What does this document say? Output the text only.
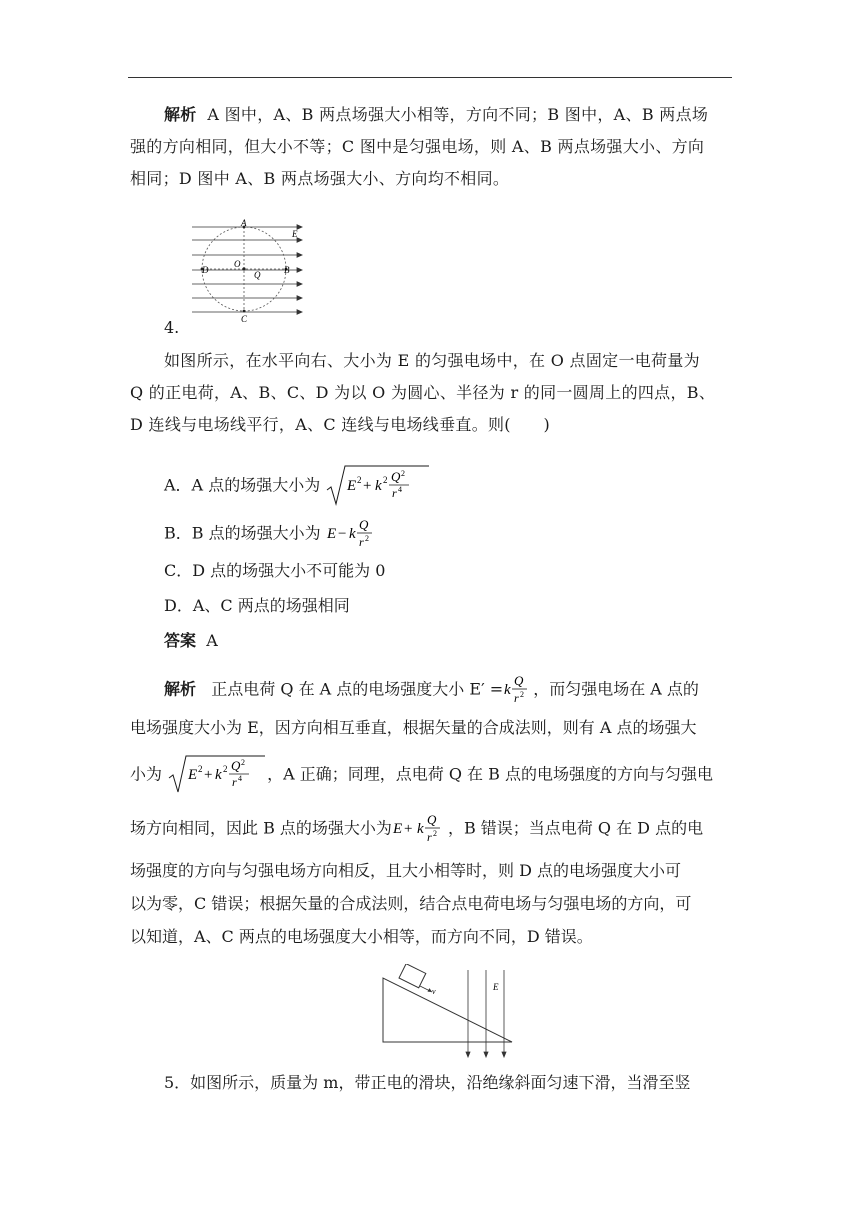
解析 A 图中，A、B 两点场强大小相等，方向不同；B 图中，A、B 两点场
强的方向相同，但大小不等；C 图中是匀强电场，则 A、B 两点场强大小、方向
相同；D 图中 A、B 两点场强大小、方向均不相同。
A
E
O
D	B
Q
C
4.
如图所示，在水平向右、大小为 E 的匀强电场中，在 O 点固定一电荷量为
Q 的正电荷，A、B、C、D 为以 O 为圆心、半径为 r 的同一圆周上的四点，B、
D 连线与电场线平行，A、C 连线与电场线垂直。则(　　)
A．A 点的场强大小为 E 2 + k 2 Q 2
r 4
B．B 点的场强大小为 E − k
Q
r 2
C．D 点的场强大小不可能为 0
D．A、C 两点的场强相同
答案 A
解析 正点电荷 Q 在 A 点的电场强度大小 E′ = k
Q
r 2 ，而匀强电场在 A 点的
电场强度大小为 E，因方向相互垂直，根据矢量的合成法则，则有 A 点的场强大
小为 E 2 + k 2 Q 2
r 4 ，A 正确；同理，点电荷 Q 在 B 点的电场强度的方向与匀强电
场方向相同，因此 B 点的场强大小为 E + k
Q
r 2 ，B 错误；当点电荷 Q 在 D 点的电
场强度的方向与匀强电场方向相反，且大小相等时，则 D 点的电场强度大小可
以为零，C 错误；根据矢量的合成法则，结合点电荷电场与匀强电场的方向，可
以知道，A、C 两点的电场强度大小相等，而方向不同，D 错误。
v	E
5．如图所示，质量为 m，带正电的滑块，沿绝缘斜面匀速下滑，当滑至竖
